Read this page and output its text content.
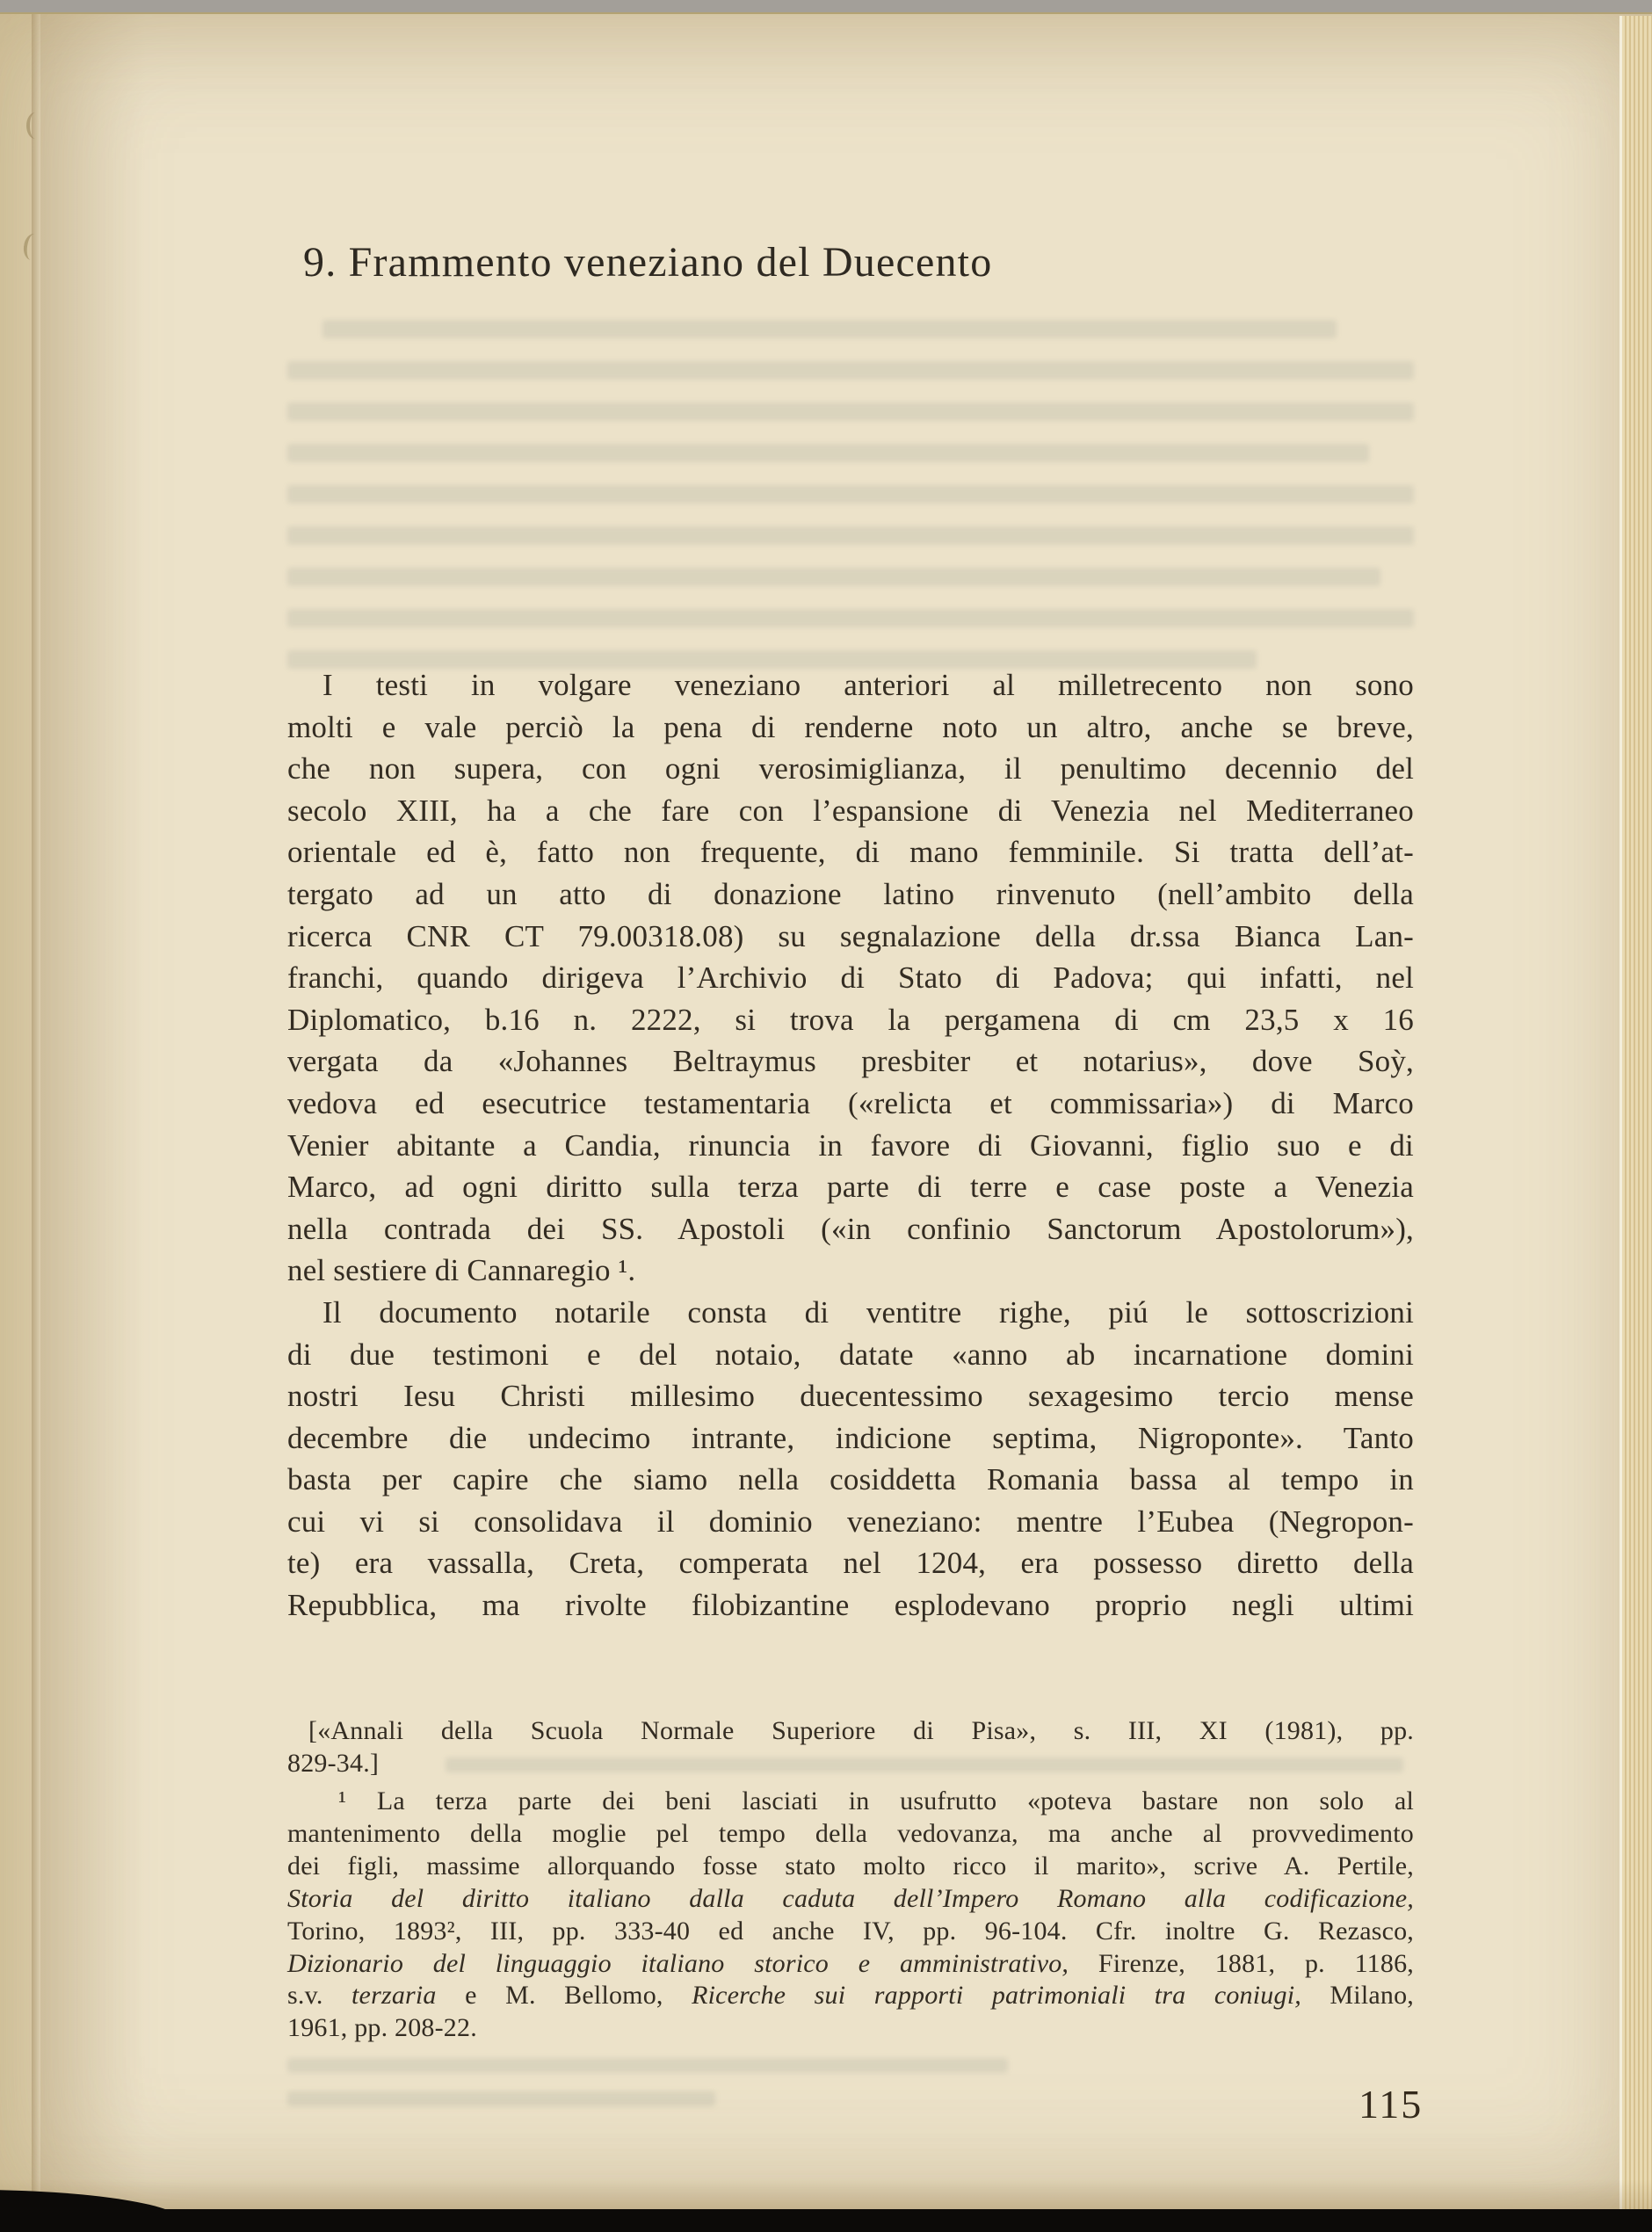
9. Frammento veneziano del Duecento
I testi in volgare veneziano anteriori al milletrecento non sono
molti e vale perciò la pena di renderne noto un altro, anche se breve,
che non supera, con ogni verosimiglianza, il penultimo decennio del
secolo XIII, ha a che fare con l’espansione di Venezia nel Mediterraneo
orientale ed è, fatto non frequente, di mano femminile. Si tratta dell’at-
tergato ad un atto di donazione latino rinvenuto (nell’ambito della
ricerca CNR CT 79.00318.08) su segnalazione della dr.ssa Bianca Lan-
franchi, quando dirigeva l’Archivio di Stato di Padova; qui infatti, nel
Diplomatico, b.16 n. 2222, si trova la pergamena di cm 23,5 x 16
vergata da «Johannes Beltraymus presbiter et notarius», dove Soỳ,
vedova ed esecutrice testamentaria («relicta et commissaria») di Marco
Venier abitante a Candia, rinuncia in favore di Giovanni, figlio suo e di
Marco, ad ogni diritto sulla terza parte di terre e case poste a Venezia
nella contrada dei SS. Apostoli («in confinio Sanctorum Apostolorum»),
nel sestiere di Cannaregio ¹.
Il documento notarile consta di ventitre righe, piú le sottoscrizioni
di due testimoni e del notaio, datate «anno ab incarnatione domini
nostri Iesu Christi millesimo duecentessimo sexagesimo tercio mense
decembre die undecimo intrante, indicione septima, Nigroponte». Tanto
basta per capire che siamo nella cosiddetta Romania bassa al tempo in
cui vi si consolidava il dominio veneziano: mentre l’Eubea (Negropon-
te) era vassalla, Creta, comperata nel 1204, era possesso diretto della
Repubblica, ma rivolte filobizantine esplodevano proprio negli ultimi
[«Annali della Scuola Normale Superiore di Pisa», s. III, XI (1981), pp.
829-34.]
¹ La terza parte dei beni lasciati in usufrutto «poteva bastare non solo al
mantenimento della moglie pel tempo della vedovanza, ma anche al provvedimento
dei figli, massime allorquando fosse stato molto ricco il marito», scrive A. Pertile,
Storia del diritto italiano dalla caduta dell’Impero Romano alla codificazione,
Torino, 1893², III, pp. 333-40 ed anche IV, pp. 96-104. Cfr. inoltre G. Rezasco,
Dizionario del linguaggio italiano storico e amministrativo, Firenze, 1881, p. 1186,
s.v. terzaria e M. Bellomo, Ricerche sui rapporti patrimoniali tra coniugi, Milano,
1961, pp. 208-22.
115
